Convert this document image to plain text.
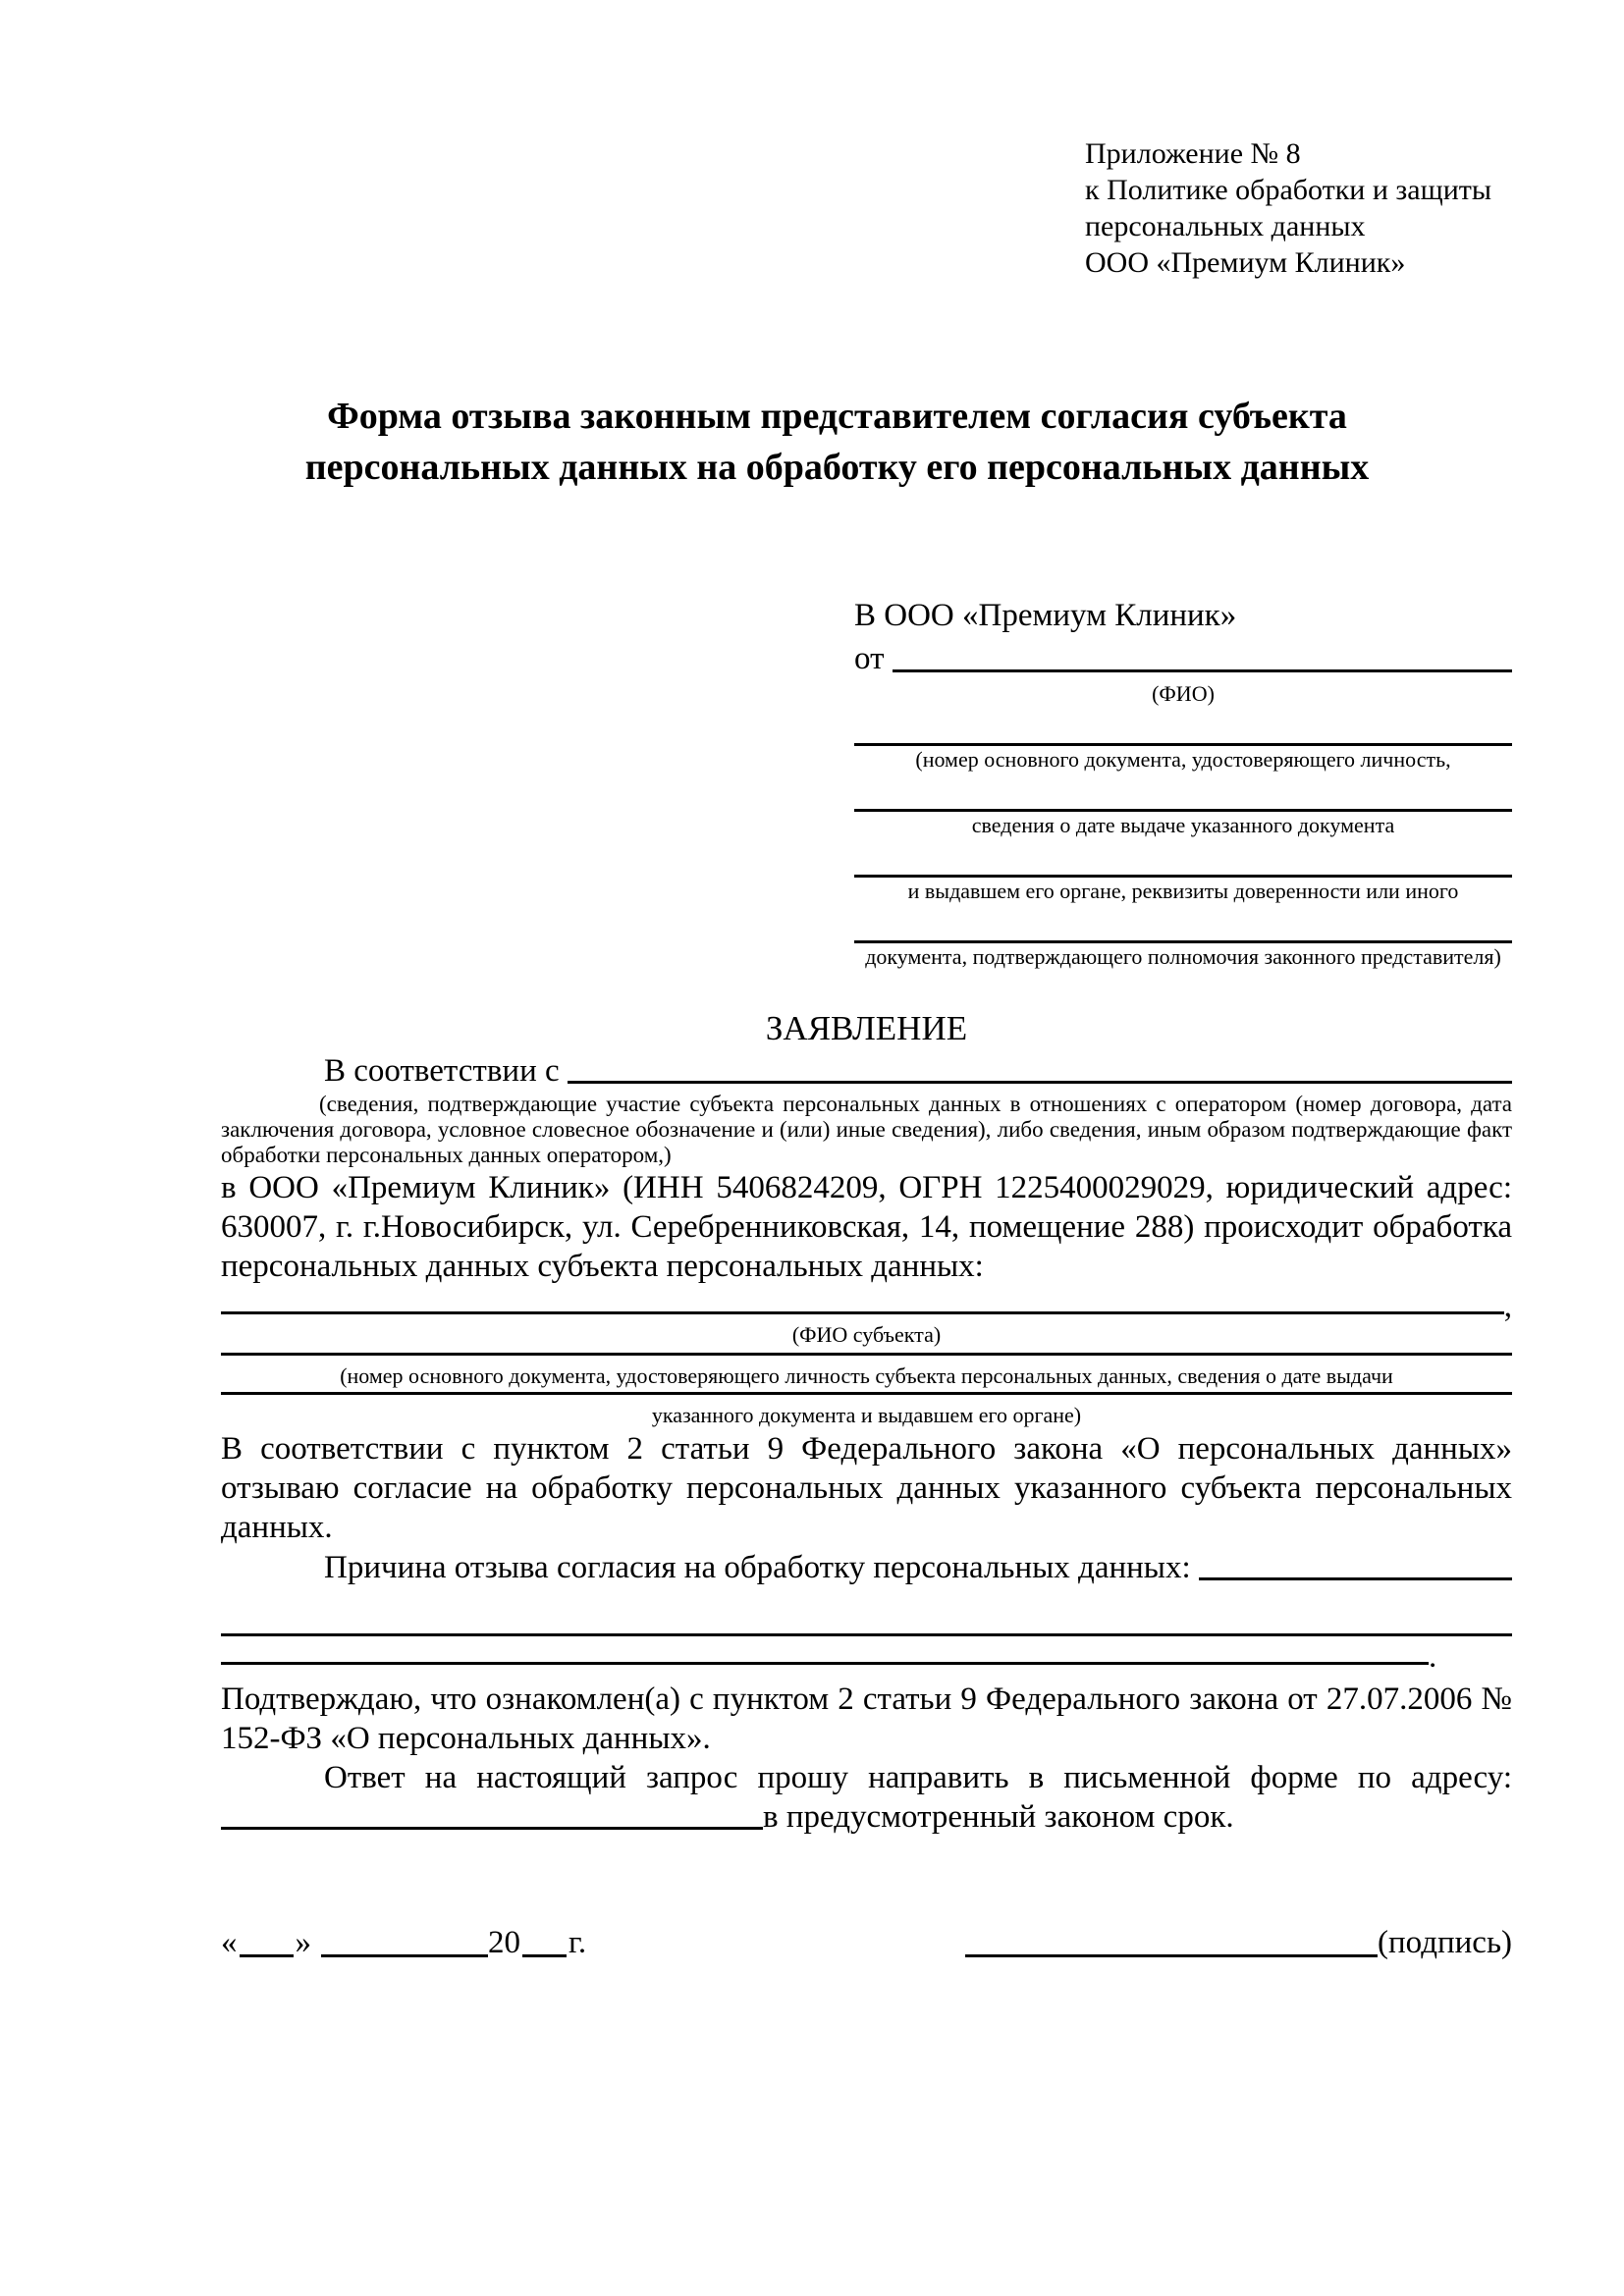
Приложение № 8
к Политике обработки и защиты
персональных данных
ООО «Премиум Клиник»
Форма отзыва законным представителем согласия субъекта
персональных данных на обработку его персональных данных
В ООО «Премиум Клиник»
от
(ФИО)
(номер основного документа, удостоверяющего личность,
сведения о дате выдаче указанного документа
и выдавшем его органе, реквизиты доверенности или иного
документа, подтверждающего полномочия законного представителя)
ЗАЯВЛЕНИЕ
В соответствии с
(сведения, подтверждающие участие субъекта персональных данных в отношениях с оператором (номер договора, дата заключения договора, условное словесное обозначение и (или) иные сведения), либо сведения, иным образом подтверждающие факт обработки персональных данных оператором,)
в ООО «Премиум Клиник» (ИНН 5406824209, ОГРН 1225400029029, юридический адрес: 630007, г. г.Новосибирск, ул. Серебренниковская, 14, помещение 288) происходит обработка персональных данных субъекта персональных данных:
,
(ФИО субъекта)
(номер основного документа, удостоверяющего личность субъекта персональных данных, сведения о дате выдачи
указанного документа и выдавшем его органе)
В соответствии с пунктом 2 статьи 9 Федерального закона «О персональных данных» отзываю согласие на обработку персональных данных указанного субъекта персональных данных.
Причина отзыва согласия на обработку персональных данных:
.
Подтверждаю, что ознакомлен(а) с пунктом 2 статьи 9 Федерального закона от 27.07.2006 № 152-ФЗ «О персональных данных».
Ответ на настоящий запрос прошу направить в письменной форме по адресу:
в предусмотренный законом срок.
« »	20 г.	(подпись)
